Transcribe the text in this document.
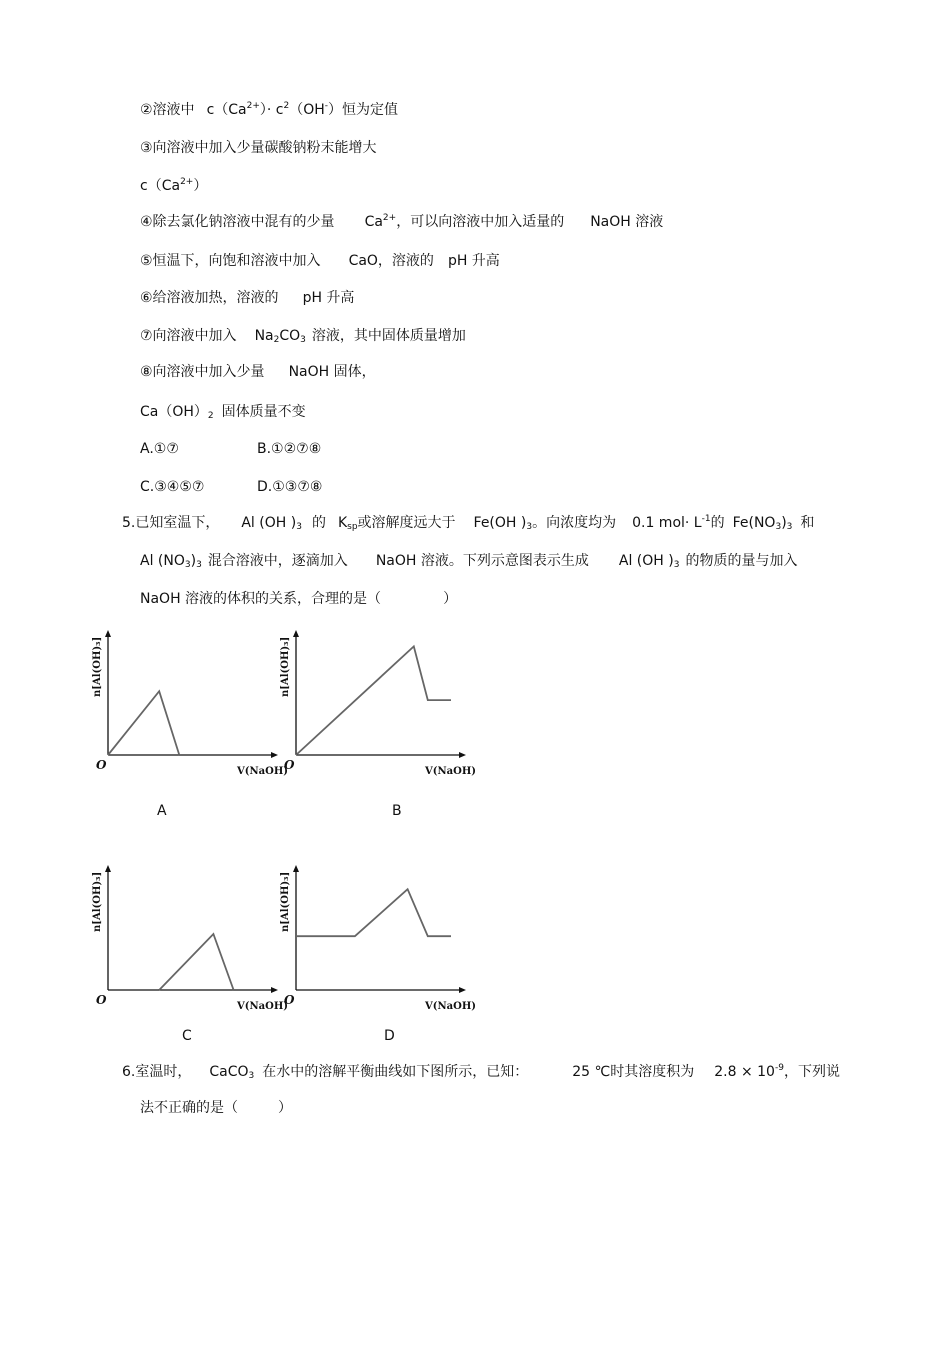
②溶液中 $c(Ca^{2+})\cdot c^2(OH^-)$恒为定值
③向溶液中加入少量碳酸钠粉末能增大
$c(Ca^{2+})$
④除去氯化钠溶液中混有的少量 $Ca^{2+}$，可以向溶液中加入适量的 NaOH 溶液
⑤恒温下，向饱和溶液中加入 CaO，溶液的 pH 升高
⑥给溶液加热，溶液的 pH 升高
⑦向溶液中加入 $Na_2CO_3$ 溶液，其中固体质量增加
⑧向溶液中加入少量 NaOH 固体，
$Ca(OH)_2$ 固体质量不变
A.①⑦	B.①②⑦⑧
C.③④⑤⑦	D.①③⑦⑧
5.已知室温下， Al (OH )$_3$ 的 $K_{sp}$或溶解度远大于 Fe(OH )$_3$。向浓度均为 0.1 $mol\cdot L^{-1}$的 $Fe(NO_3)_3$ 和
Al $(NO_3)_3$ 混合溶液中，逐滴加入 NaOH 溶液。下列示意图表示生成 Al (OH )$_3$ 的物质的量与加入
NaOH 溶液的体积的关系，合理的是（	）
O	V(NaOH)
n[Al(OH)₃]
O	V(NaOH)
n[Al(OH)₃]
O	V(NaOH)
n[Al(OH)₃]
O	V(NaOH)
n[Al(OH)₃]
A	B
C	D
6.室温时， CaCO$_3$ 在水中的溶解平衡曲线如下图所示，已知：	25 ℃时其溶度积为 $2.8 \times 10^{-9}$，下列说
法不正确的是（	）
